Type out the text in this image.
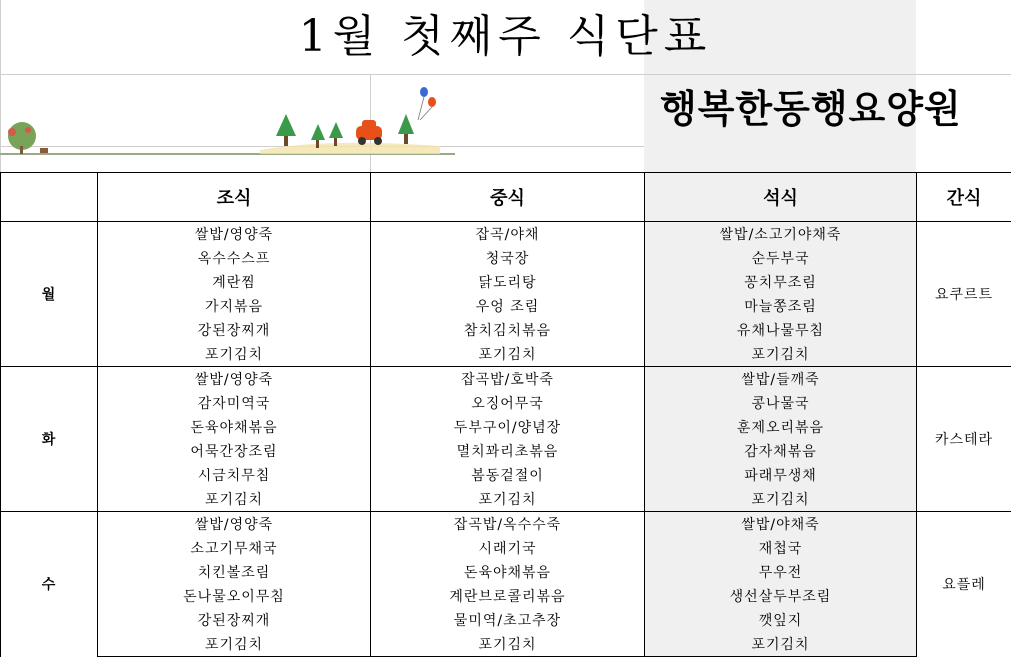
1월 첫째주 식단표
행복한동행요양원
	조식	중식	석식	간식
월	쌀밥/영양죽	잡곡/야채	쌀밥/소고기야채죽	요쿠르트
	옥수수스프	청국장	순두부국	
	계란찜	닭도리탕	꽁치무조림	
	가지볶음	우엉 조림	마늘쫑조림	
	강된장찌개	참치김치볶음	유채나물무침	
	포기김치	포기김치	포기김치	
화	쌀밥/영양죽	잡곡밥/호박죽	쌀밥/들깨죽	카스테라
	감자미역국	오징어무국	콩나물국	
	돈육야채볶음	두부구이/양념장	훈제오리볶음	
	어묵간장조림	멸치꽈리초볶음	감자채볶음	
	시금치무침	봄동겉절이	파래무생채	
	포기김치	포기김치	포기김치	
수	쌀밥/영양죽	잡곡밥/옥수수죽	쌀밥/야채죽	요플레
	소고기무채국	시래기국	재첩국	
	치킨볼조림	돈육야채볶음	무우전	
	돈나물오이무침	계란브로콜리볶음	생선살두부조림	
	강된장찌개	물미역/초고추장	깻잎지	
	포기김치	포기김치	포기김치	
